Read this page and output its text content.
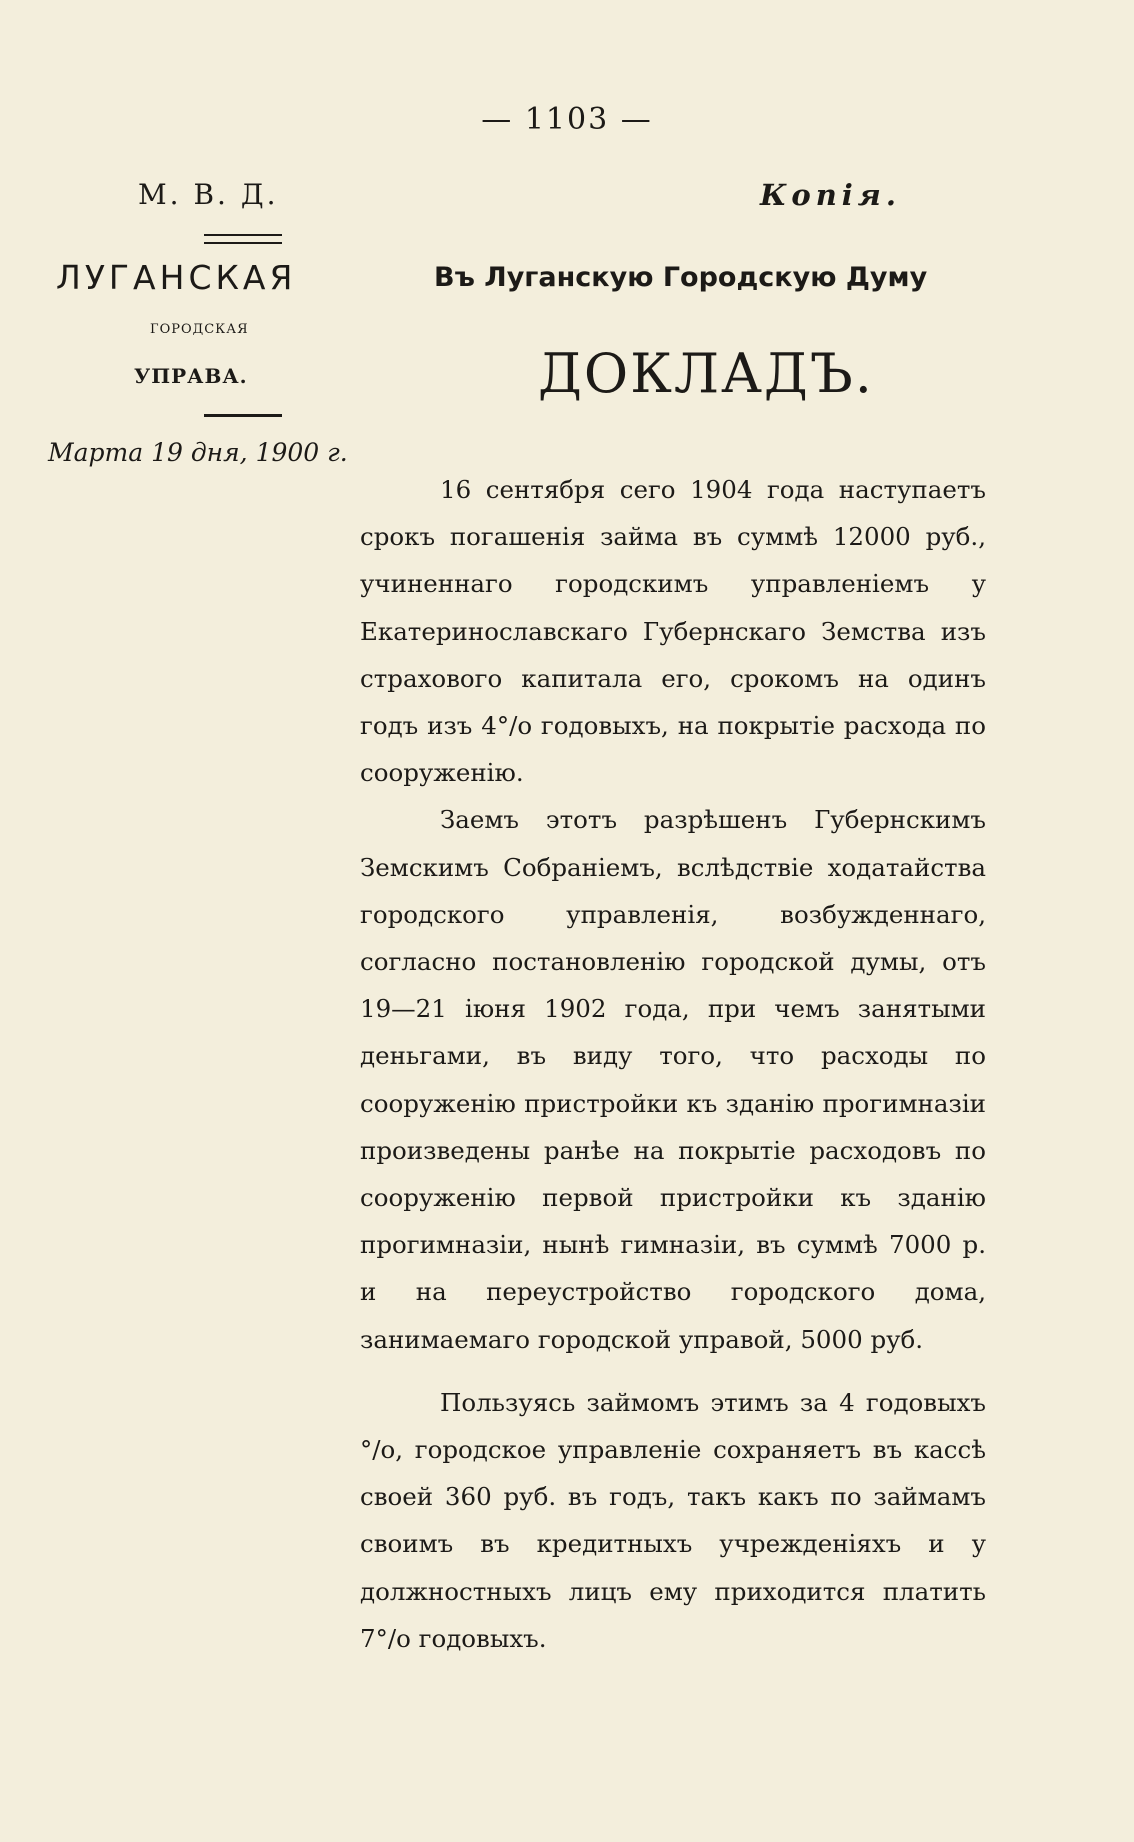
— 1103 —
М. В. Д.
ЛУГАНСКАЯ
ГОРОДСКАЯ
УПРАВА.
Марта 19 дня, 1900 г.
Копія.
Въ Луганскую Городскую Думу
ДОКЛАДЪ.

16 сентября сего 1904 года наступаетъ срокъ погашенія займа въ суммѣ 12000 руб., учиненнаго городскимъ управленіемъ у Екатеринославскаго Губернскаго Земства изъ страхового капитала его, срокомъ на одинъ годъ изъ 4°/о годовыхъ, на покрытіе расхода по сооруженію.

Заемъ этотъ разрѣшенъ Губернскимъ Земскимъ Собраніемъ, вслѣдствіе ходатайства городского управленія, возбужденнаго, согласно постановленію городской думы, отъ 19—21 іюня 1902 года, при чемъ занятыми деньгами, въ виду того, что расходы по сооруженію пристройки къ зданію прогимназіи произведены ранѣе на покрытіе расходовъ по сооруженію первой пристройки къ зданію прогимназіи, нынѣ гимназіи, въ суммѣ 7000 р. и на переустройство городского дома, занимаемаго городской управой, 5000 руб.

Пользуясь займомъ этимъ за 4 годовыхъ °/о, городское управленіе сохраняетъ въ кассѣ своей 360 руб. въ годъ, такъ какъ по займамъ своимъ въ кредитныхъ учрежденіяхъ и у должностныхъ лицъ ему приходится платить 7°/о годовыхъ.
